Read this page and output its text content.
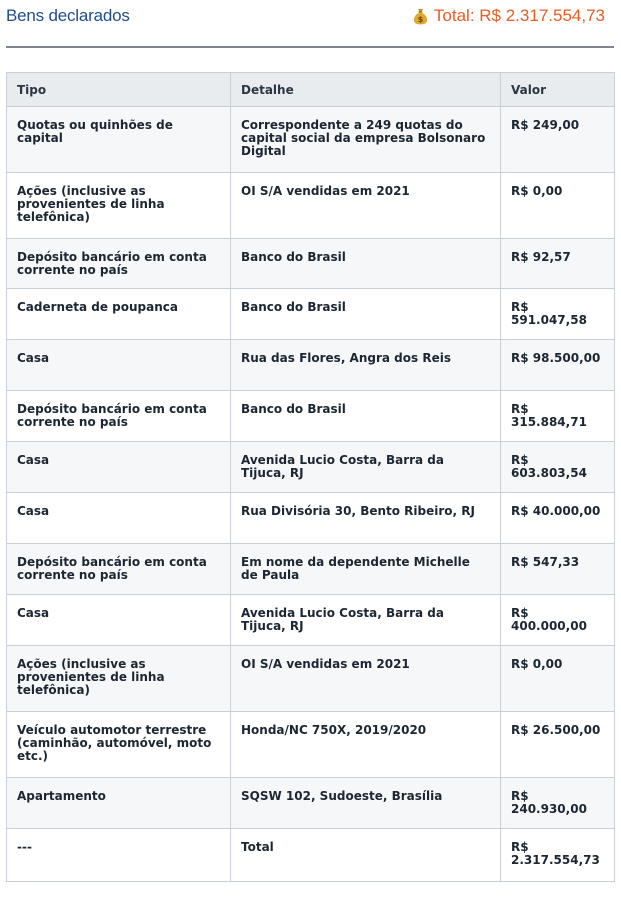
Bens declarados	$ Total: R$ 2.317.554,73
Tipo	Detalhe	Valor
Quotas ou quinhões de capital	Correspondente a 249 quotas do capital social da empresa Bolsonaro Digital	R$ 249,00
Ações (inclusive as provenientes de linha telefônica)	OI S/A vendidas em 2021	R$ 0,00
Depósito bancário em conta corrente no país	Banco do Brasil	R$ 92,57
Caderneta de poupanca	Banco do Brasil	R$ 591.047,58
Casa	Rua das Flores, Angra dos Reis	R$ 98.500,00
Depósito bancário em conta corrente no país	Banco do Brasil	R$ 315.884,71
Casa	Avenida Lucio Costa, Barra da Tijuca, RJ	R$ 603.803,54
Casa	Rua Divisória 30, Bento Ribeiro, RJ	R$ 40.000,00
Depósito bancário em conta corrente no país	Em nome da dependente Michelle de Paula	R$ 547,33
Casa	Avenida Lucio Costa, Barra da Tijuca, RJ	R$ 400.000,00
Ações (inclusive as provenientes de linha telefônica)	OI S/A vendidas em 2021	R$ 0,00
Veículo automotor terrestre (caminhão, automóvel, moto etc.)	Honda/NC 750X, 2019/2020	R$ 26.500,00
Apartamento	SQSW 102, Sudoeste, Brasília	R$ 240.930,00
---	Total	R$ 2.317.554,73
